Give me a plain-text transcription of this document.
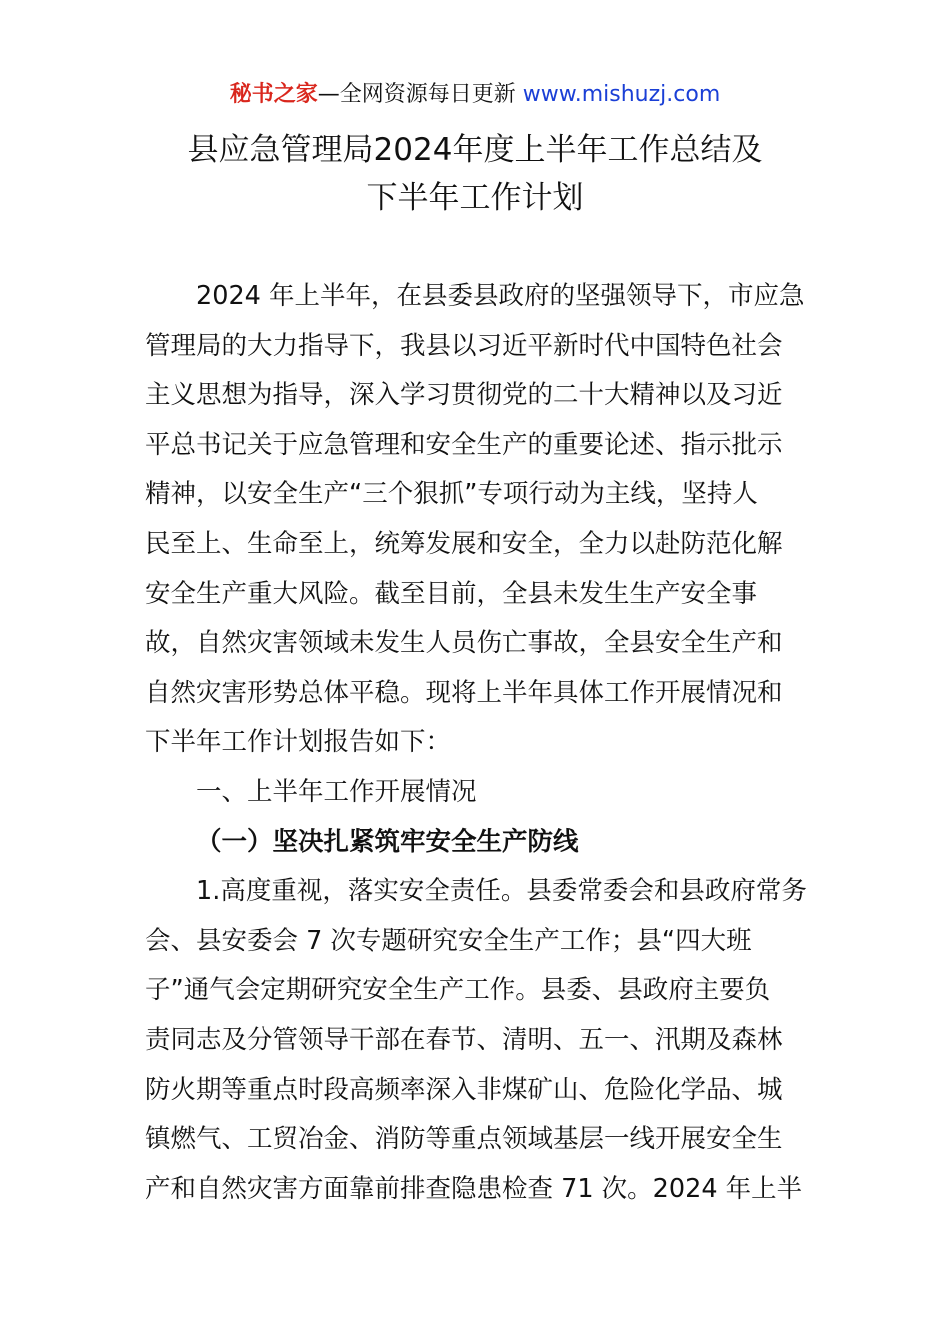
秘书之家—全网资源每日更新 www.mishuzj.com
县应急管理局2024年度上半年工作总结及
下半年工作计划
2024 年上半年，在县委县政府的坚强领导下，市应急
管理局的大力指导下，我县以习近平新时代中国特色社会
主义思想为指导，深入学习贯彻党的二十大精神以及习近
平总书记关于应急管理和安全生产的重要论述、指示批示
精神，以安全生产“三个狠抓”专项行动为主线，坚持人
民至上、生命至上，统筹发展和安全，全力以赴防范化解
安全生产重大风险。截至目前，全县未发生生产安全事
故，自然灾害领域未发生人员伤亡事故，全县安全生产和
自然灾害形势总体平稳。现将上半年具体工作开展情况和
下半年工作计划报告如下：
一、上半年工作开展情况
（一）坚决扎紧筑牢安全生产防线
1.高度重视，落实安全责任。县委常委会和县政府常务
会、县安委会 7 次专题研究安全生产工作；县“四大班
子”通气会定期研究安全生产工作。县委、县政府主要负
责同志及分管领导干部在春节、清明、五一、汛期及森林
防火期等重点时段高频率深入非煤矿山、危险化学品、城
镇燃气、工贸冶金、消防等重点领域基层一线开展安全生
产和自然灾害方面靠前排查隐患检查 71 次。2024 年上半
